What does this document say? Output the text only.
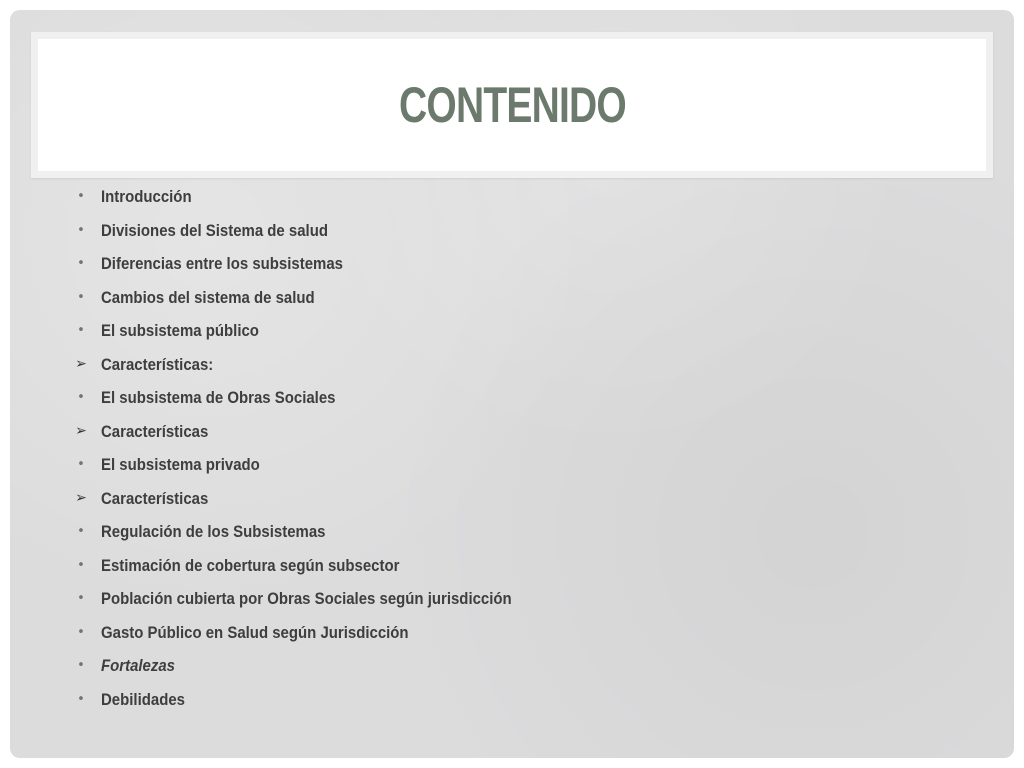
CONTENIDO
• Introducción
• Divisiones del Sistema de salud
• Diferencias entre los subsistemas
• Cambios del sistema de salud
• El subsistema público
➢ Características:
• El subsistema de Obras Sociales
➢ Características
• El subsistema privado
➢ Características
• Regulación de los Subsistemas
• Estimación de cobertura según subsector
• Población cubierta por Obras Sociales según jurisdicción
• Gasto Público en Salud según Jurisdicción
• Fortalezas
• Debilidades
